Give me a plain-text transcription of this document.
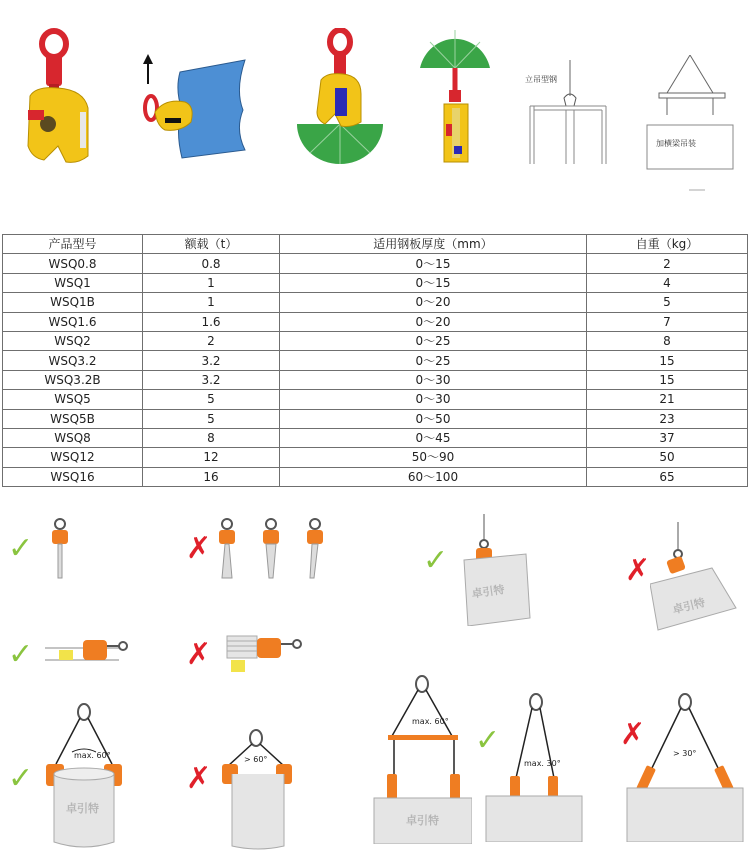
立吊型钢
加横梁吊装
产品型号	额载（t）	适用钢板厚度（mm）	自重（kg）
WSQ0.8	0.8	0～15	2
WSQ1	1	0～15	4
WSQ1B	1	0～20	5
WSQ1.6	1.6	0～20	7
WSQ2	2	0～25	8
WSQ3.2	3.2	0～25	15
WSQ3.2B	3.2	0～30	15
WSQ5	5	0～30	21
WSQ5B	5	0～50	23
WSQ8	8	0～45	37
WSQ12	12	50～90	50
WSQ16	16	60～100	65
✓	✗	✓
卓引特
✗
卓引特
✓	✗
✓
max. 60°
卓引特
✗
> 60°
max. 60°
卓引特
✓
max. 30°
✗
> 30°
